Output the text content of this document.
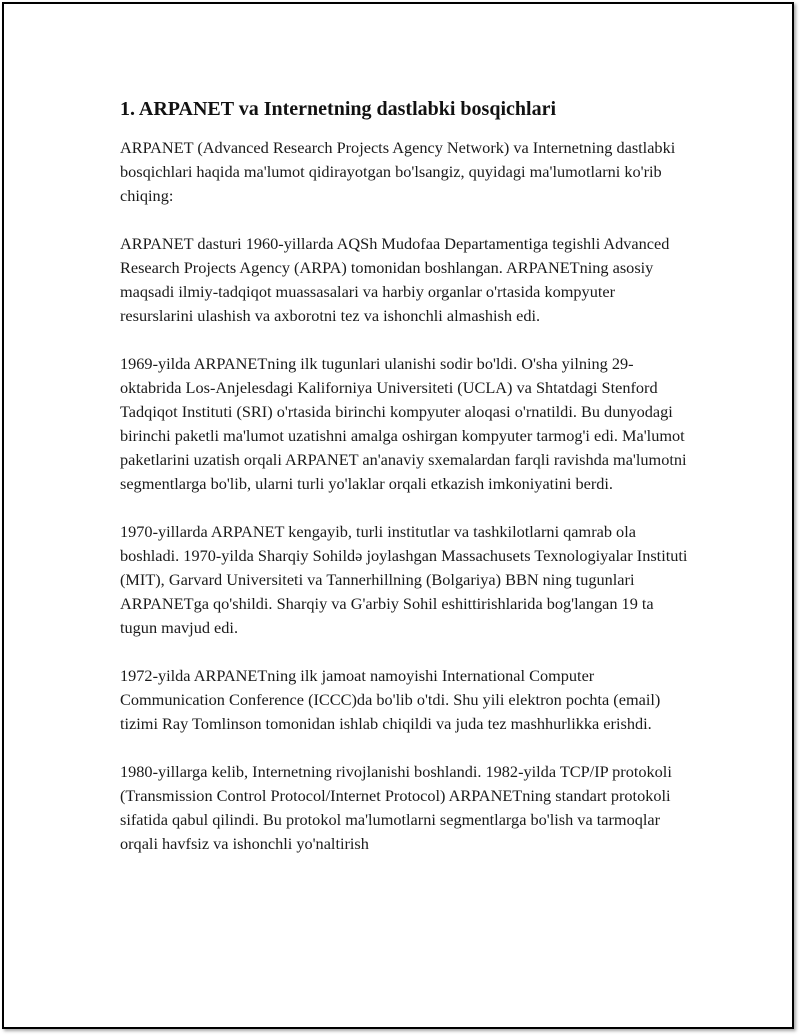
1. ARPANET va Internetning dastlabki bosqichlari

ARPANET (Advanced Research Projects Agency Network) va Internetning dastlabki bosqichlari haqida ma'lumot qidirayotgan bo'lsangiz, quyidagi ma'lumotlarni ko'rib chiqing:

ARPANET dasturi 1960-yillarda AQSh Mudofaa Departamentiga tegishli Advanced Research Projects Agency (ARPA) tomonidan boshlangan. ARPANETning asosiy maqsadi ilmiy-tadqiqot muassasalari va harbiy organlar o'rtasida kompyuter resurslarini ulashish va axborotni tez va ishonchli almashish edi.

1969-yilda ARPANETning ilk tugunlari ulanishi sodir bo'ldi. O'sha yilning 29-oktabrida Los-Anjelesdagi Kaliforniya Universiteti (UCLA) va Shtatdagi Stenford Tadqiqot Instituti (SRI) o'rtasida birinchi kompyuter aloqasi o'rnatildi. Bu dunyodagi birinchi paketli ma'lumot uzatishni amalga oshirgan kompyuter tarmog'i edi. Ma'lumot paketlarini uzatish orqali ARPANET an'anaviy sxemalardan farqli ravishda ma'lumotni segmentlarga bo'lib, ularni turli yo'laklar orqali etkazish imkoniyatini berdi.

1970-yillarda ARPANET kengayib, turli institutlar va tashkilotlarni qamrab ola boshladi. 1970-yilda Sharqiy Sohildə joylashgan Massachusets Texnologiyalar Instituti (MIT), Garvard Universiteti va Tannerhillning (Bolgariya) BBN ning tugunlari ARPANETga qo'shildi. Sharqiy va G'arbiy Sohil eshittirishlarida bog'langan 19 ta tugun mavjud edi.

1972-yilda ARPANETning ilk jamoat namoyishi International Computer Communication Conference (ICCC)da bo'lib o'tdi. Shu yili elektron pochta (email) tizimi Ray Tomlinson tomonidan ishlab chiqildi va juda tez mashhurlikka erishdi.

1980-yillarga kelib, Internetning rivojlanishi boshlandi. 1982-yilda TCP/IP protokoli (Transmission Control Protocol/Internet Protocol) ARPANETning standart protokoli sifatida qabul qilindi. Bu protokol ma'lumotlarni segmentlarga bo'lish va tarmoqlar orqali havfsiz va ishonchli yo'naltirish
